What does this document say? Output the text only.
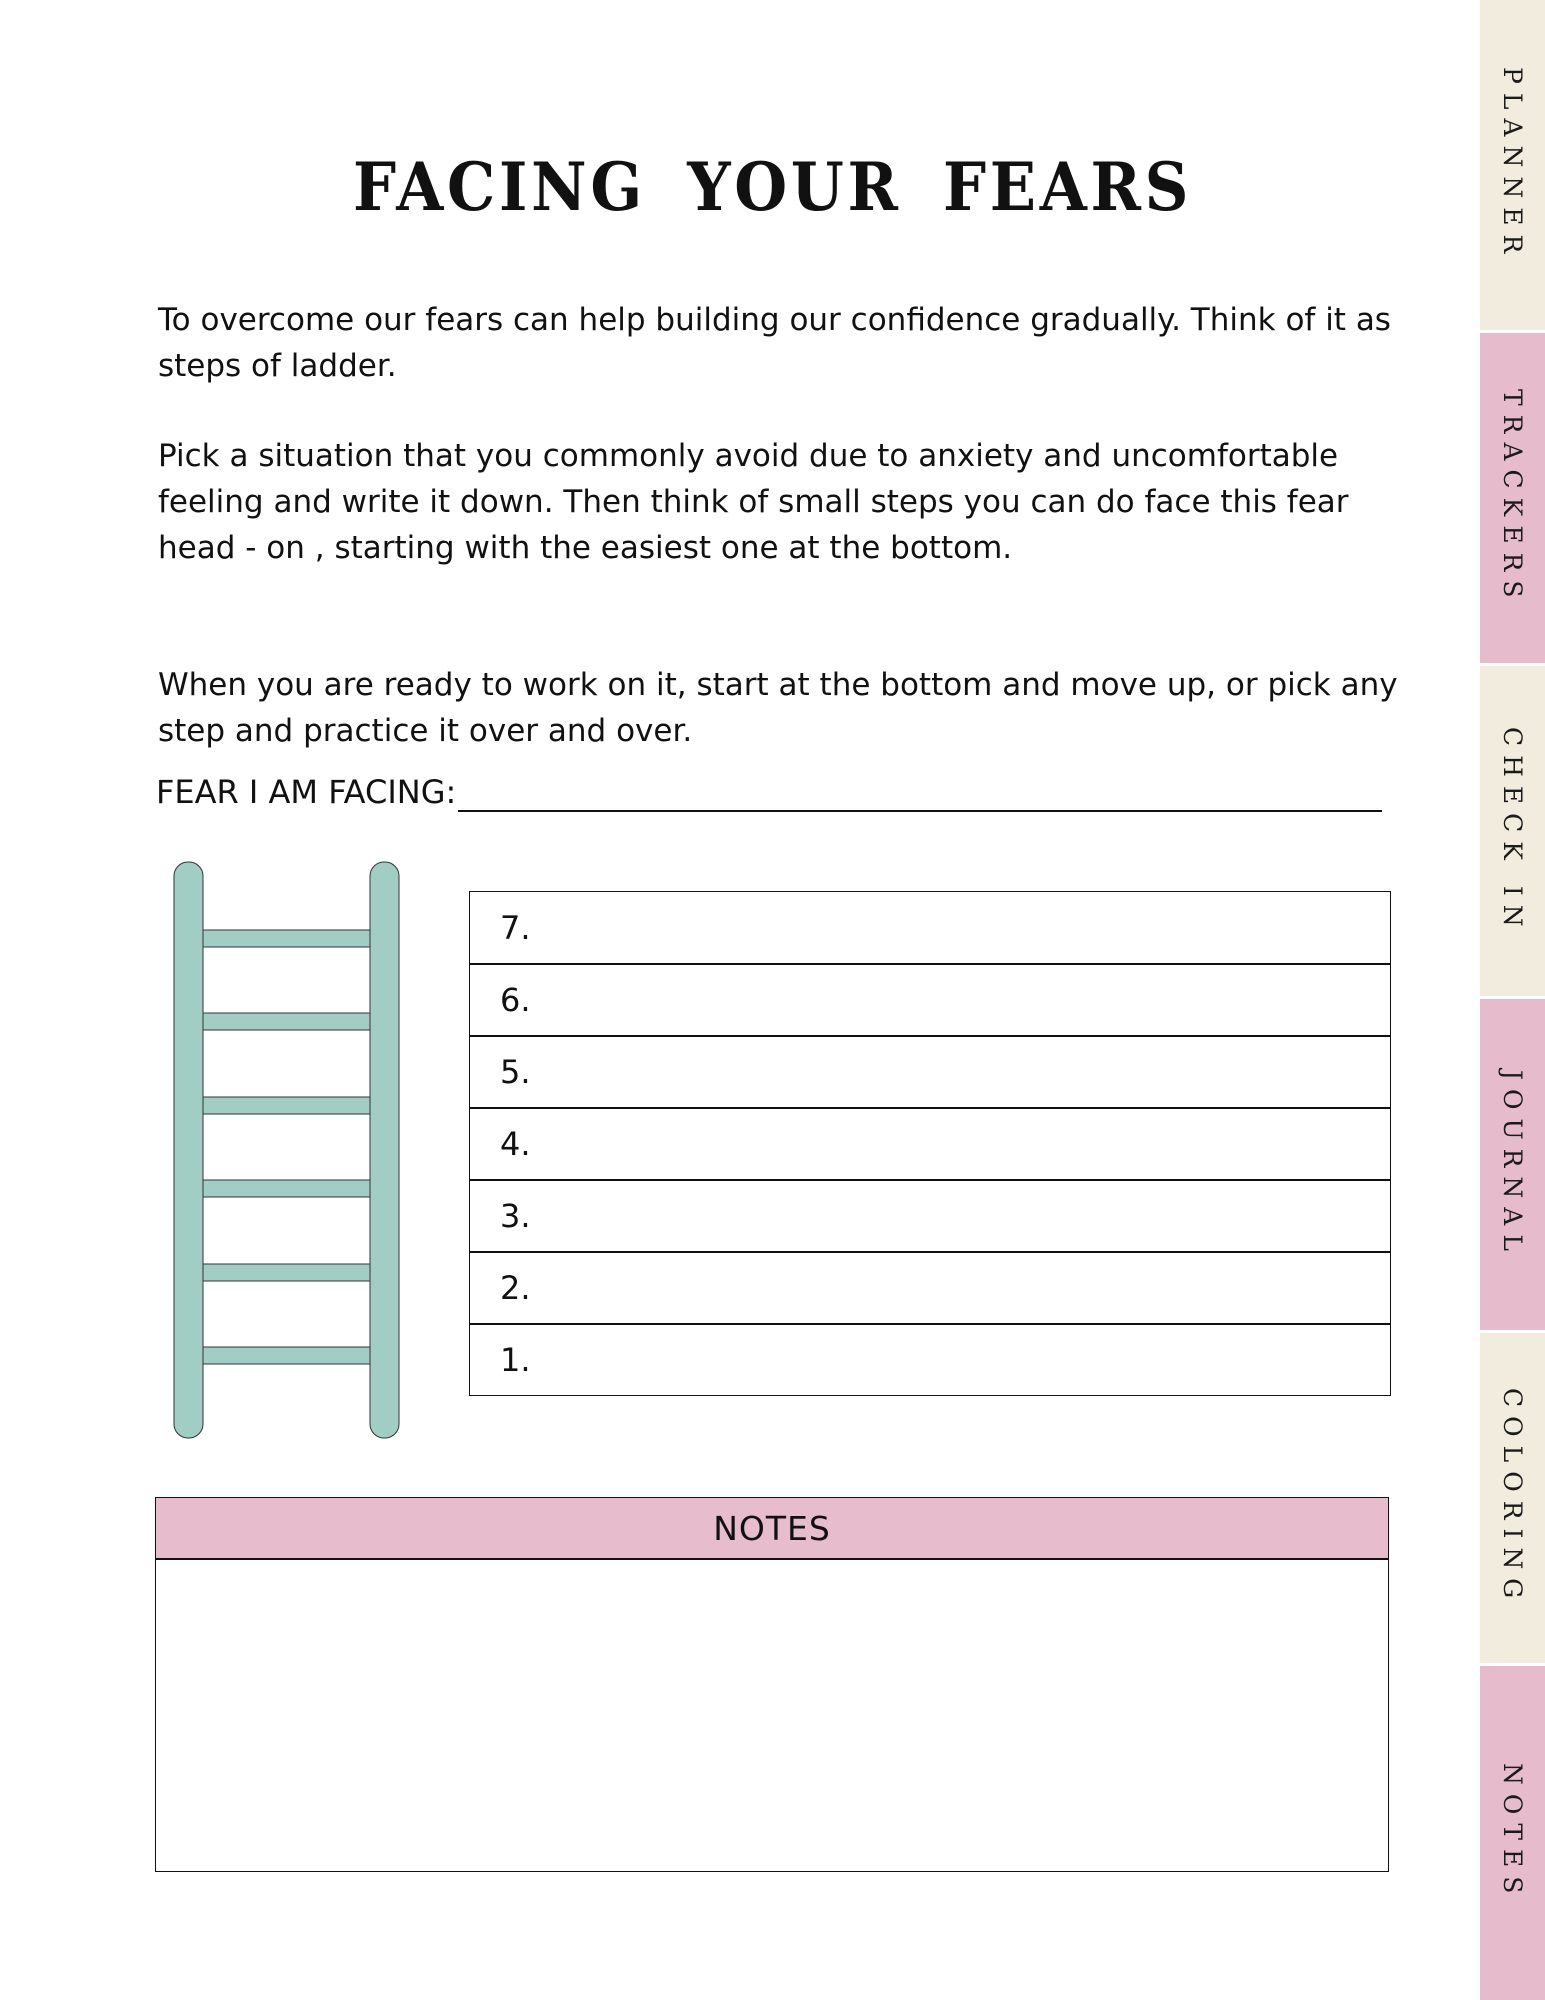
FACING YOUR FEARS

To overcome our fears can help building our confidence gradually. Think of it as steps of ladder.

Pick a situation that you commonly avoid due to anxiety and uncomfortable feeling and write it down. Then think of small steps you can do face this fear head - on , starting with the easiest one at the bottom.

When you are ready to work on it, start at the bottom and move up, or pick any step and practice it over and over.

FEAR I AM FACING:
7.
6.
5.
4.
3.
2.
1.
NOTES
PLANNER
TRACKERS
CHECK IN
JOURNAL
COLORING
NOTES
